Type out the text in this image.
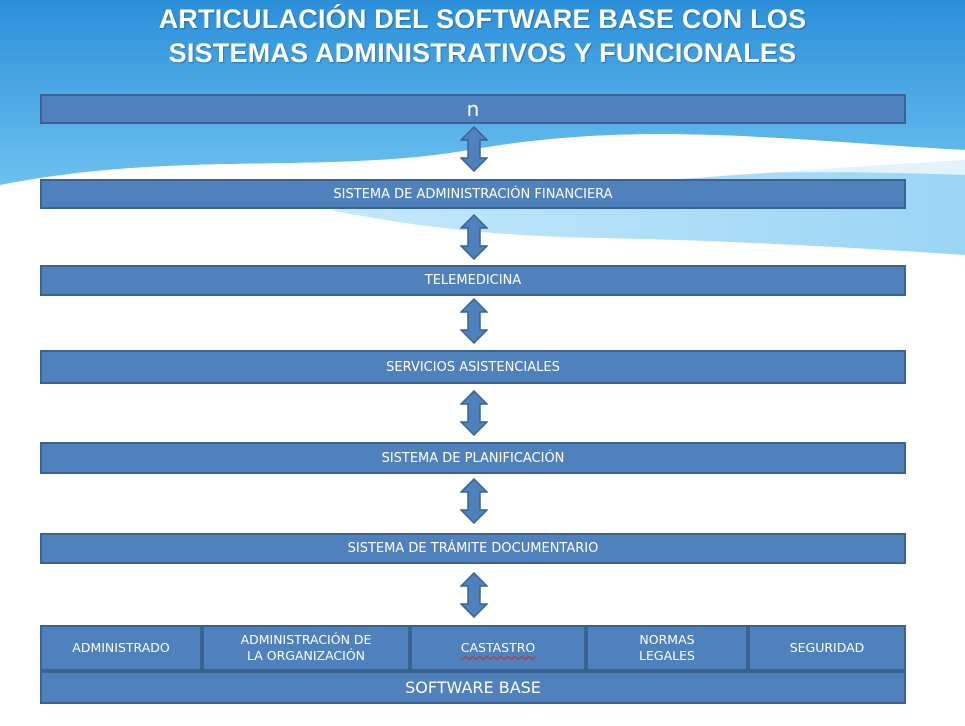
ARTICULACIÓN DEL SOFTWARE BASE CON LOS
SISTEMAS ADMINISTRATIVOS Y FUNCIONALES
n
SISTEMA DE ADMINISTRACIÓN FINANCIERA
TELEMEDICINA
SERVICIOS ASISTENCIALES
SISTEMA DE PLANIFICACIÓN
SISTEMA DE TRÁMITE DOCUMENTARIO
ADMINISTRADO
ADMINISTRACIÓN DE
LA ORGANIZACIÓN
CASTASTRO
NORMAS
LEGALES
SEGURIDAD
SOFTWARE BASE
